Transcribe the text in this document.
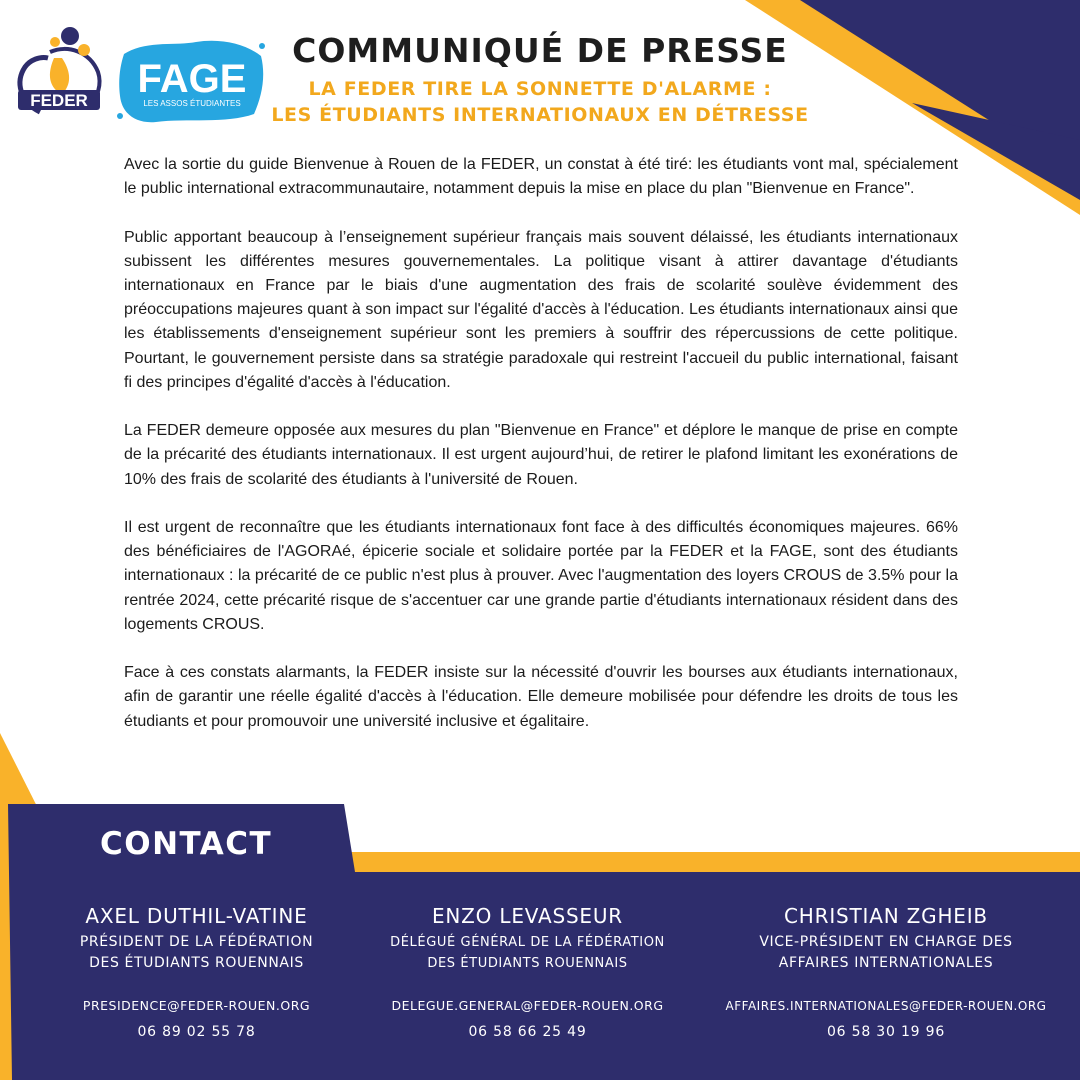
FEDER FAGE
LES ASSOS ÉTUDIANTES
COMMUNIQUÉ DE PRESSE
LA FEDER TIRE LA SONNETTE D'ALARME :
LES ÉTUDIANTS INTERNATIONAUX EN DÉTRESSE

Avec la sortie du guide Bienvenue à Rouen de la FEDER, un constat à été tiré: les étudiants vont mal, spécialement le public international extracommunautaire, notamment depuis la mise en place du plan "Bienvenue en France".

Public apportant beaucoup à l’enseignement supérieur français mais souvent délaissé, les étudiants internationaux subissent les différentes mesures gouvernementales. La politique visant à attirer davantage d'étudiants internationaux en France par le biais d'une augmentation des frais de scolarité soulève évidemment des préoccupations majeures quant à son impact sur l'égalité d'accès à l'éducation. Les étudiants internationaux ainsi que les établissements d'enseignement supérieur sont les premiers à souffrir des répercussions de cette politique. Pourtant, le gouvernement persiste dans sa stratégie paradoxale qui restreint l'accueil du public international, faisant fi des principes d'égalité d'accès à l'éducation.

La FEDER demeure opposée aux mesures du plan "Bienvenue en France" et déplore le manque de prise en compte de la précarité des étudiants internationaux. Il est urgent aujourd’hui, de retirer le plafond limitant les exonérations de 10% des frais de scolarité des étudiants à l'université de Rouen.

Il est urgent de reconnaître que les étudiants internationaux font face à des difficultés économiques majeures. 66% des bénéficiaires de l'AGORAé, épicerie sociale et solidaire portée par la FEDER et la FAGE, sont des étudiants internationaux : la précarité de ce public n'est plus à prouver. Avec l'augmentation des loyers CROUS de 3.5% pour la rentrée 2024, cette précarité risque de s'accentuer car une grande partie d'étudiants internationaux résident dans des logements CROUS.

Face à ces constats alarmants, la FEDER insiste sur la nécessité d'ouvrir les bourses aux étudiants internationaux, afin de garantir une réelle égalité d'accès à l'éducation. Elle demeure mobilisée pour défendre les droits de tous les étudiants et pour promouvoir une université inclusive et égalitaire.

CONTACT
AXEL DUTHIL-VATINE
PRÉSIDENT DE LA FÉDÉRATION
DES ÉTUDIANTS ROUENNAIS
PRESIDENCE@FEDER-ROUEN.ORG
06 89 02 55 78
ENZO LEVASSEUR
DÉLÉGUÉ GÉNÉRAL DE LA FÉDÉRATION
DES ÉTUDIANTS ROUENNAIS
DELEGUE.GENERAL@FEDER-ROUEN.ORG
06 58 66 25 49
CHRISTIAN ZGHEIB
VICE-PRÉSIDENT EN CHARGE DES
AFFAIRES INTERNATIONALES
AFFAIRES.INTERNATIONALES@FEDER-ROUEN.ORG
06 58 30 19 96
